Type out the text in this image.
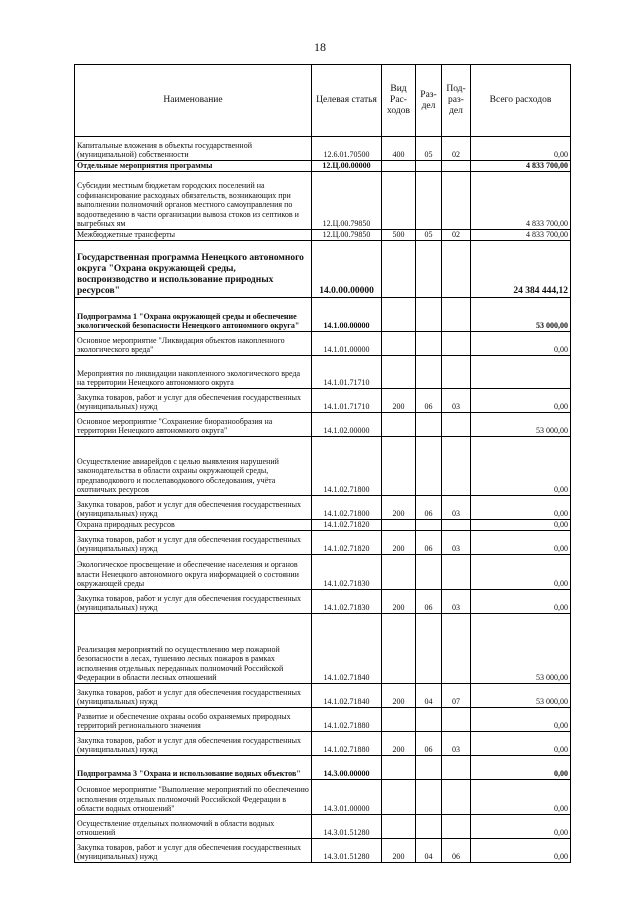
18
Наименование	Целевая статья	Вид Рас- ходов	Раз- дел	Под- раз- дел	Всего расходов
Капитальные вложения в объекты государственной (муниципальной) собственности	12.6.01.70500	400	05	02	0,00
Отдельные мероприятия программы	12.Ц.00.00000				4 833 700,00
Субсидии местным бюджетам городских поселений на софинансирование расходных обязательств, возникающих при выполнении полномочий органов местного самоуправления по водоотведению в части организации вывоза стоков из септиков и выгребных ям	12.Ц.00.79850				4 833 700,00
Межбюджетные трансферты	12.Ц.00.79850	500	05	02	4 833 700,00
Государственная программа Ненецкого автономного округа "Охрана окружающей среды, воспроизводство и использование природных ресурсов"	14.0.00.00000				24 384 444,12
Подпрограмма 1 "Охрана окружающей среды и обеспечение экологической безопасности Ненецкого автономного округа"	14.1.00.00000				53 000,00
Основное мероприятие "Ликвидация объектов накопленного экологического вреда"	14.1.01.00000				0,00
Мероприятия по ликвидации накопленного экологического вреда на территории Ненецкого автономного округа	14.1.01.71710				
Закупка товаров, работ и услуг для обеспечения государственных (муниципальных) нужд	14.1.01.71710	200	06	03	0,00
Основное мероприятие "Сохранение биоразнообразия на территории Ненецкого автономного округа"	14.1.02.00000				53 000,00
Осуществление авиарейдов с целью выявления нарушений законодательства в области охраны окружающей среды, предпаводкового и послепаводкового обследования, учёта охотничьих ресурсов	14.1.02.71800				0,00
Закупка товаров, работ и услуг для обеспечения государственных (муниципальных) нужд	14.1.02.71800	200	06	03	0,00
Охрана природных ресурсов	14.1.02.71820				0,00
Закупка товаров, работ и услуг для обеспечения государственных (муниципальных) нужд	14.1.02.71820	200	06	03	0,00
Экологическое просвещение и обеспечение населения и органов власти Ненецкого автономного округа информацией о состоянии окружающей среды	14.1.02.71830				0,00
Закупка товаров, работ и услуг для обеспечения государственных (муниципальных) нужд	14.1.02.71830	200	06	03	0,00
Реализация мероприятий по осуществлению мер пожарной безопасности в лесах, тушению лесных пожаров в рамках исполнения отдельных переданных полномочий Российской Федерации в области лесных отношений	14.1.02.71840				53 000,00
Закупка товаров, работ и услуг для обеспечения государственных (муниципальных) нужд	14.1.02.71840	200	04	07	53 000,00
Развитие и обеспечение охраны особо охраняемых природных территорий регионального значения	14.1.02.71880				0,00
Закупка товаров, работ и услуг для обеспечения государственных (муниципальных) нужд	14.1.02.71880	200	06	03	0,00
Подпрограмма 3 "Охрана и использование водных объектов"	14.3.00.00000				0,00
Основное мероприятие "Выполнение мероприятий по обеспечению исполнения отдельных полномочий Российской Федерации в области водных отношений"	14.3.01.00000				0,00
Осуществление отдельных полномочий в области водных отношений	14.3.01.51280				0,00
Закупка товаров, работ и услуг для обеспечения государственных (муниципальных) нужд	14.3.01.51280	200	04	06	0,00
